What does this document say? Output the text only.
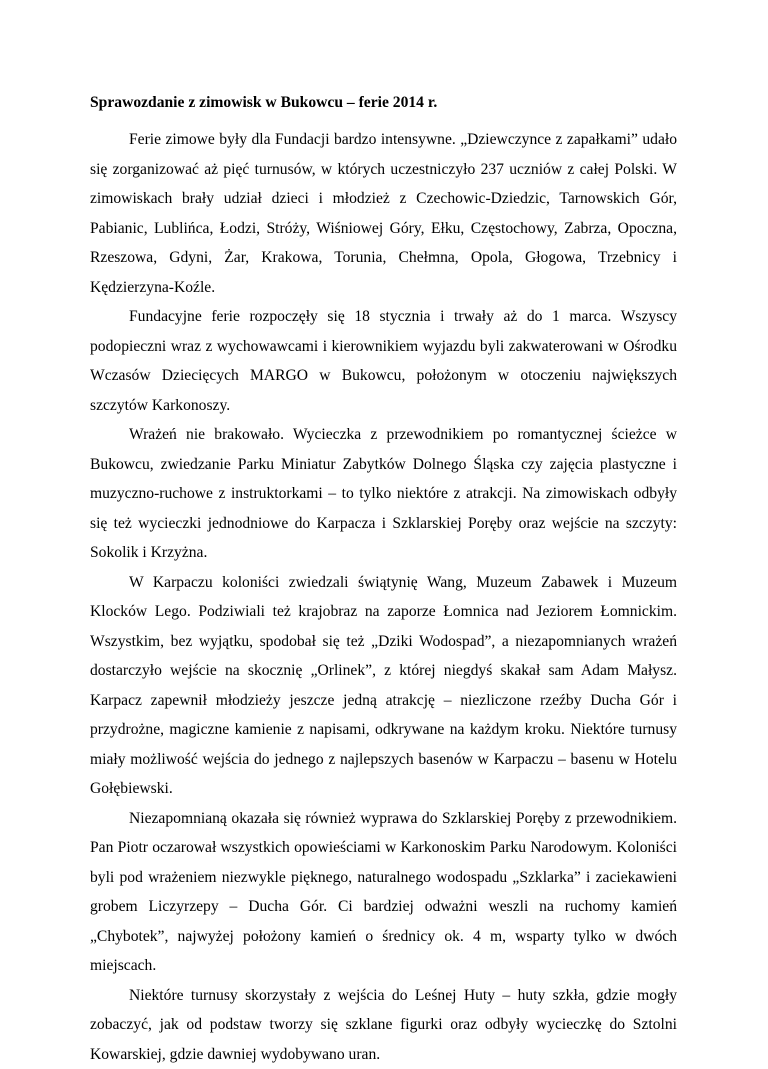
Sprawozdanie z zimowisk w Bukowcu – ferie 2014 r.

Ferie zimowe były dla Fundacji bardzo intensywne. „Dziewczynce z zapałkami” udało się zorganizować aż pięć turnusów, w których uczestniczyło 237 uczniów z całej Polski. W zimowiskach brały udział dzieci i młodzież z Czechowic-Dziedzic, Tarnowskich Gór, Pabianic, Lublińca, Łodzi, Stróży, Wiśniowej Góry, Ełku, Częstochowy, Zabrza, Opoczna, Rzeszowa, Gdyni, Żar, Krakowa, Torunia, Chełmna, Opola, Głogowa, Trzebnicy i Kędzierzyna-Koźle.

Fundacyjne ferie rozpoczęły się 18 stycznia i trwały aż do 1 marca. Wszyscy podopieczni wraz z wychowawcami i kierownikiem wyjazdu byli zakwaterowani w Ośrodku Wczasów Dziecięcych MARGO w Bukowcu, położonym w otoczeniu największych szczytów Karkonoszy.

Wrażeń nie brakowało. Wycieczka z przewodnikiem po romantycznej ścieżce w Bukowcu, zwiedzanie Parku Miniatur Zabytków Dolnego Śląska czy zajęcia plastyczne i muzyczno-ruchowe z instruktorkami – to tylko niektóre z atrakcji. Na zimowiskach odbyły się też wycieczki jednodniowe do Karpacza i Szklarskiej Poręby oraz wejście na szczyty: Sokolik i Krzyżna.

W Karpaczu koloniści zwiedzali świątynię Wang, Muzeum Zabawek i Muzeum Klocków Lego. Podziwiali też krajobraz na zaporze Łomnica nad Jeziorem Łomnickim. Wszystkim, bez wyjątku, spodobał się też „Dziki Wodospad”, a niezapomnianych wrażeń dostarczyło wejście na skocznię „Orlinek”, z której niegdyś skakał sam Adam Małysz. Karpacz zapewnił młodzieży jeszcze jedną atrakcję – niezliczone rzeźby Ducha Gór i przydrożne, magiczne kamienie z napisami, odkrywane na każdym kroku. Niektóre turnusy miały możliwość wejścia do jednego z najlepszych basenów w Karpaczu – basenu w Hotelu Gołębiewski.

Niezapomnianą okazała się również wyprawa do Szklarskiej Poręby z przewodnikiem. Pan Piotr oczarował wszystkich opowieściami w Karkonoskim Parku Narodowym. Koloniści byli pod wrażeniem niezwykle pięknego, naturalnego wodospadu „Szklarka” i zaciekawieni grobem Liczyrzepy – Ducha Gór. Ci bardziej odważni weszli na ruchomy kamień „Chybotek”, najwyżej położony kamień o średnicy ok. 4 m, wsparty tylko w dwóch miejscach.

Niektóre turnusy skorzystały z wejścia do Leśnej Huty – huty szkła, gdzie mogły zobaczyć, jak od podstaw tworzy się szklane figurki oraz odbyły wycieczkę do Sztolni Kowarskiej, gdzie dawniej wydobywano uran.
